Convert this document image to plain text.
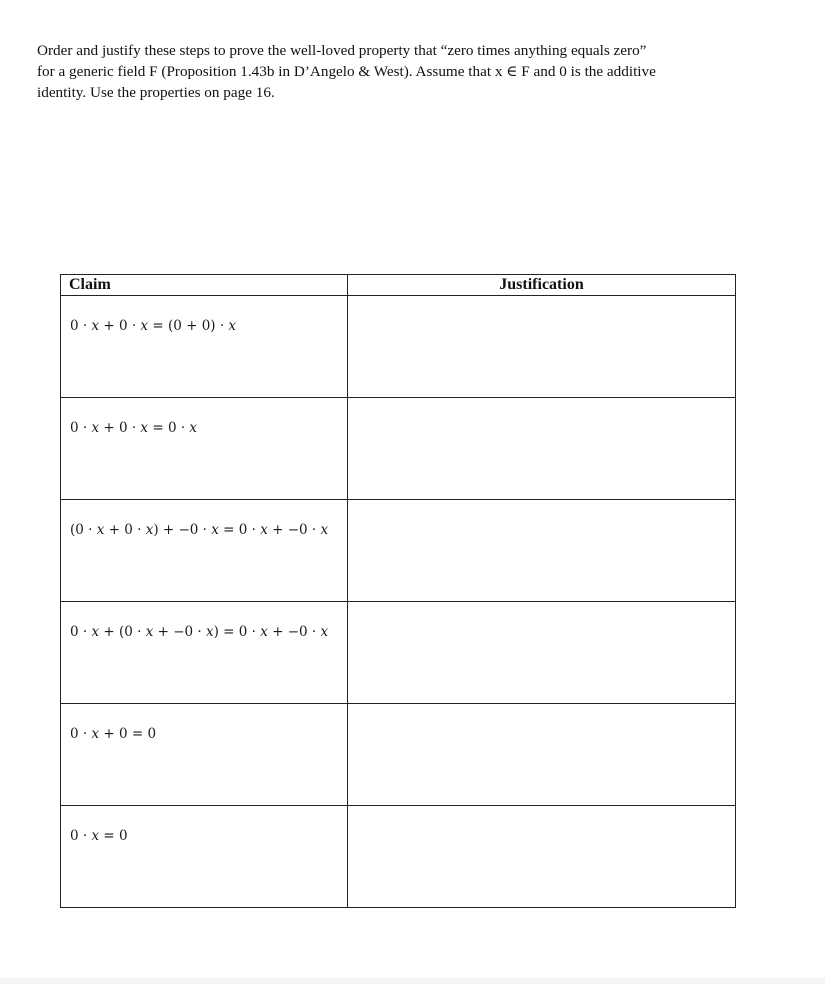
Order and justify these steps to prove the well-loved property that “zero times anything equals zero”
for a generic field F (Proposition 1.43b in D’Angelo & West). Assume that x ∈ F and 0 is the additive
identity. Use the properties on page 16.
Claim	Justification
0 · 𝑥 + 0 · 𝑥 = (0 + 0) · 𝑥	
0 · 𝑥 + 0 · 𝑥 = 0 · 𝑥	
(0 · 𝑥 + 0 · 𝑥) + −0 · 𝑥 = 0 · 𝑥 + −0 · 𝑥	
0 · 𝑥 + (0 · 𝑥 + −0 · 𝑥) = 0 · 𝑥 + −0 · 𝑥	
0 · 𝑥 + 0 = 0	
0 · 𝑥 = 0	
